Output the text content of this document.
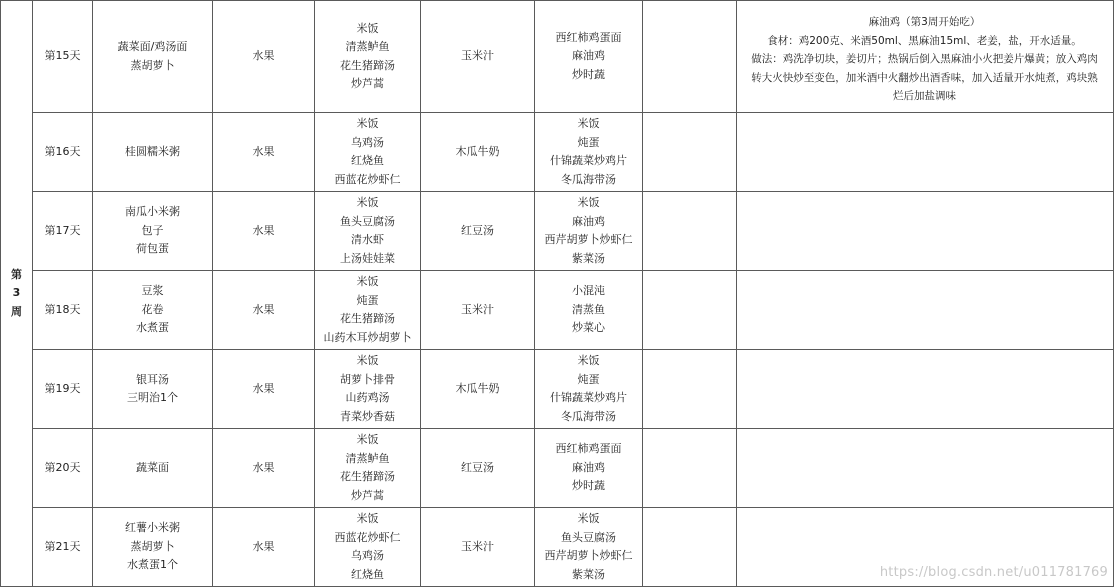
第
3
周	第15天	蔬菜面/鸡汤面
蒸胡萝卜	水果	米饭
清蒸鲈鱼
花生猪蹄汤
炒芦蒿	玉米汁	西红柿鸡蛋面
麻油鸡
炒时蔬		麻油鸡（第3周开始吃）
食材：鸡200克、米酒50ml、黑麻油15ml、老姜，盐，开水适量。
做法：鸡洗净切块，姜切片；热锅后倒入黑麻油小火把姜片爆黄；放入鸡肉
转大火快炒至变色，加米酒中火翻炒出酒香味，加入适量开水炖煮，鸡块熟
烂后加盐调味

	第16天	桂圆糯米粥	水果	米饭
乌鸡汤
红烧鱼
西蓝花炒虾仁	木瓜牛奶	米饭
炖蛋
什锦蔬菜炒鸡片
冬瓜海带汤		

	第17天	南瓜小米粥
包子
荷包蛋	水果	米饭
鱼头豆腐汤
清水虾
上汤娃娃菜	红豆汤	米饭
麻油鸡
西芹胡萝卜炒虾仁
紫菜汤		

	第18天	豆浆
花卷
水煮蛋	水果	米饭
炖蛋
花生猪蹄汤
山药木耳炒胡萝卜	玉米汁	小混沌
清蒸鱼
炒菜心		

	第19天	银耳汤
三明治1个	水果	米饭
胡萝卜排骨
山药鸡汤
青菜炒香菇	木瓜牛奶	米饭
炖蛋
什锦蔬菜炒鸡片
冬瓜海带汤		

	第20天	蔬菜面	水果	米饭
清蒸鲈鱼
花生猪蹄汤
炒芦蒿	红豆汤	西红柿鸡蛋面
麻油鸡
炒时蔬		

	第21天	红薯小米粥
蒸胡萝卜
水煮蛋1个	水果	米饭
西蓝花炒虾仁
乌鸡汤
红烧鱼	玉米汁	米饭
鱼头豆腐汤
西芹胡萝卜炒虾仁
紫菜汤		
			https://blog.csdn.net/u011781769
